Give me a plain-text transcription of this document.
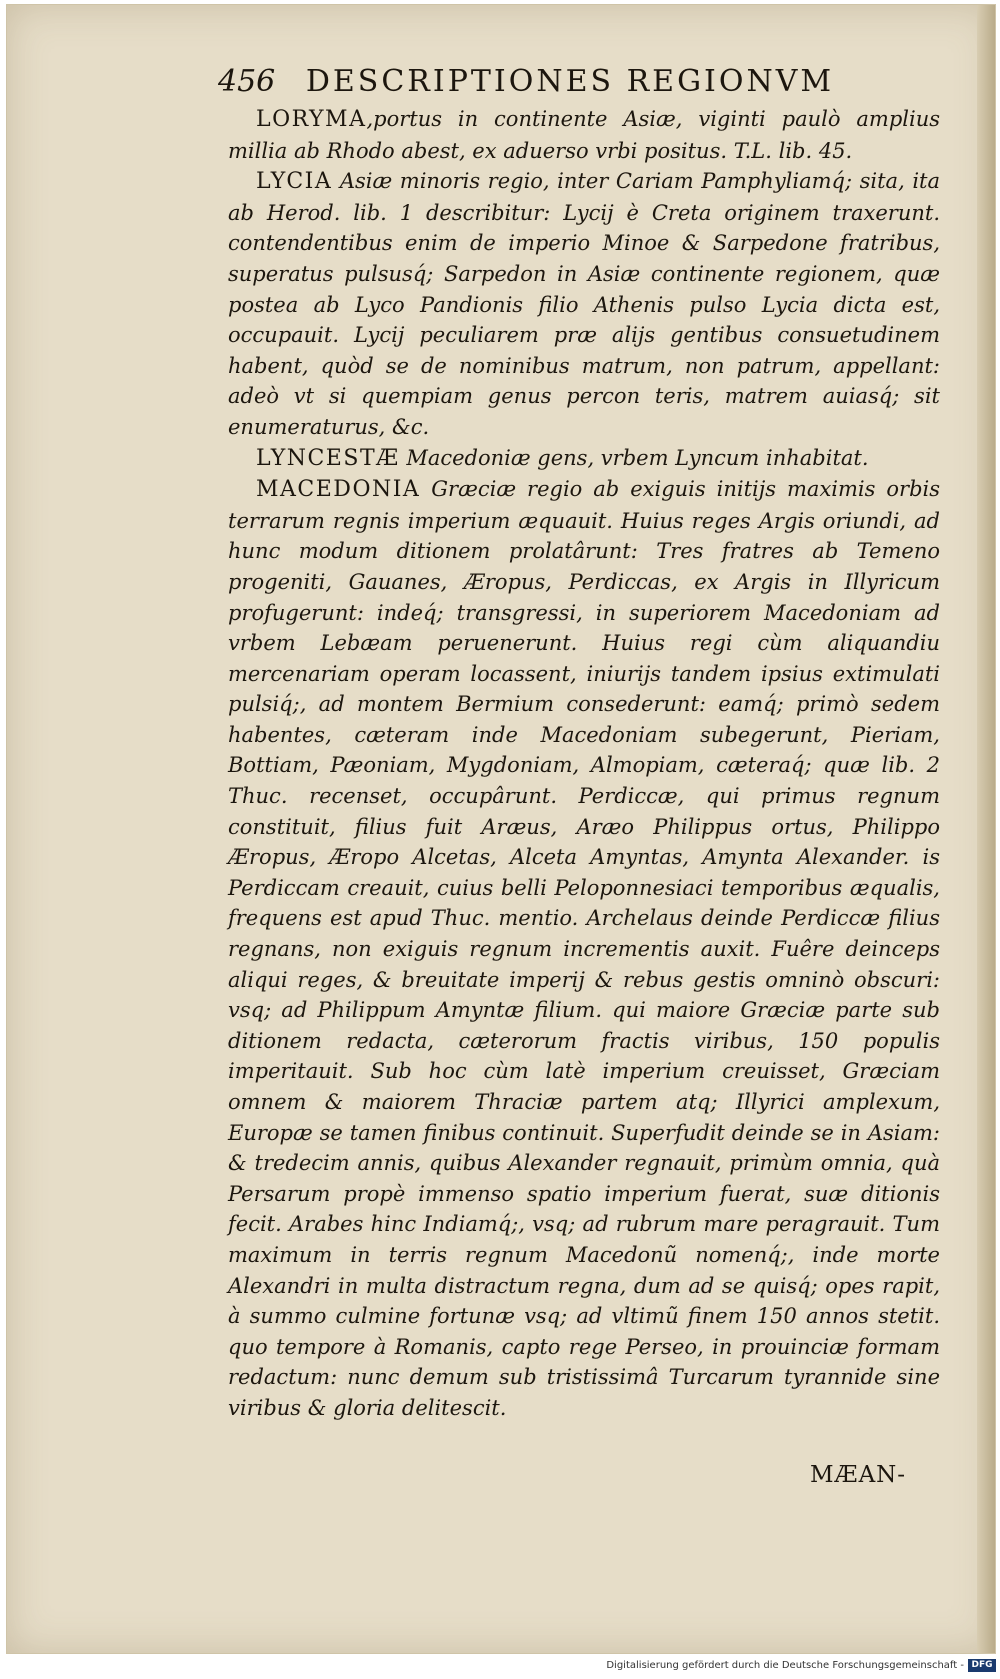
456 DESCRIPTIONES REGIONVM

LORYMA,portus in continente Asiæ, viginti paulò amplius millia ab Rhodo abest, ex aduerso vrbi positus. T.L. lib. 45.

LYCIA Asiæ minoris regio, inter Cariam Pamphyliamq́; sita, ita ab Herod. lib. 1 describitur: Lycij è Creta originem traxerunt. contendentibus enim de imperio Minoe & Sarpedone fratribus, superatus pulsusq́; Sarpedon in Asiæ continente regionem, quæ postea ab Lyco Pandionis filio Athenis pulso Lycia dicta est, occupauit. Lycij peculiarem præ alijs gentibus consuetudinem habent, quòd se de nominibus matrum, non patrum, appellant: adeò vt si quempiam genus percon teris, matrem auiasq́; sit enumeraturus, &c.

LYNCESTÆ Macedoniæ gens, vrbem Lyncum inhabitat.

MACEDONIA Græciæ regio ab exiguis initijs maximis orbis terrarum regnis imperium æquauit. Huius reges Argis oriundi, ad hunc modum ditionem prolatârunt: Tres fratres ab Temeno progeniti, Gauanes, Æropus, Perdiccas, ex Argis in Illyricum profugerunt: indeq́; transgressi, in superiorem Macedoniam ad vrbem Lebæam peruenerunt. Huius regi cùm aliquandiu mercenariam operam locassent, iniurijs tandem ipsius extimulati pulsiq́;, ad montem Bermium consederunt: eamq́; primò sedem habentes, cæteram inde Macedoniam subegerunt, Pieriam, Bottiam, Pæoniam, Mygdoniam, Almopiam, cæteraq́; quæ lib. 2 Thuc. recenset, occupârunt. Perdiccæ, qui primus regnum constituit, filius fuit Aræus, Aræo Philippus ortus, Philippo Æropus, Æropo Alcetas, Alceta Amyntas, Amynta Alexander. is Perdiccam creauit, cuius belli Peloponnesiaci temporibus æqualis, frequens est apud Thuc. mentio. Archelaus deinde Perdiccæ filius regnans, non exiguis regnum incrementis auxit. Fuêre deinceps aliqui reges, & breuitate imperij & rebus gestis omninò obscuri: vsq; ad Philippum Amyntæ filium. qui maiore Græciæ parte sub ditionem redacta, cæterorum fractis viribus, 150 populis imperitauit. Sub hoc cùm latè imperium creuisset, Græciam omnem & maiorem Thraciæ partem atq; Illyrici amplexum, Europæ se tamen finibus continuit. Superfudit deinde se in Asiam: & tredecim annis, quibus Alexander regnauit, primùm omnia, quà Persarum propè immenso spatio imperium fuerat, suæ ditionis fecit. Arabes hinc Indiamq́;, vsq; ad rubrum mare peragrauit. Tum maximum in terris regnum Macedonũ nomenq́;, inde morte Alexandri in multa distractum regna, dum ad se quisq́; opes rapit, à summo culmine fortunæ vsq; ad vltimũ finem 150 annos stetit. quo tempore à Romanis, capto rege Perseo, in prouinciæ formam redactum: nunc demum sub tristissimâ Turcarum tyrannide sine viribus & gloria delitescit.

MÆAN-
Digitalisierung gefördert durch die Deutsche Forschungsgemeinschaft - DFG
